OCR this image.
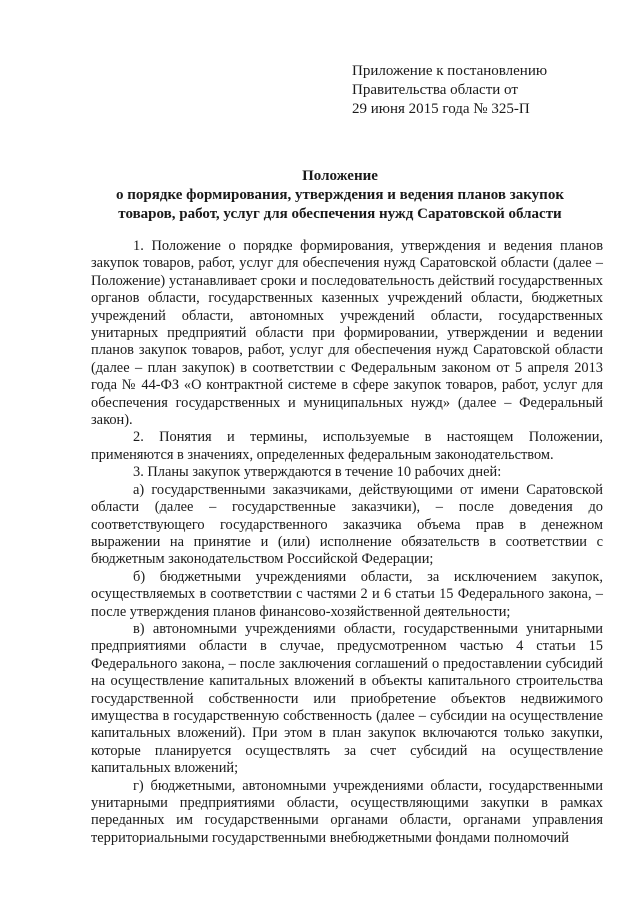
Приложение к постановлению
Правительства области от
29 июня 2015 года № 325-П
Положение
о порядке формирования, утверждения и ведения планов закупок
товаров, работ, услуг для обеспечения нужд Саратовской области

1. Положение о порядке формирования, утверждения и ведения планов закупок товаров, работ, услуг для обеспечения нужд Саратовской области (далее – Положение) устанавливает сроки и последовательность действий государственных органов области, государственных казенных учреждений области, бюджетных учреждений области, автономных учреждений области, государственных унитарных предприятий области при формировании, утверждении и ведении планов закупок товаров, работ, услуг для обеспечения нужд Саратовской области (далее – план закупок) в соответствии с Федеральным законом от 5 апреля 2013 года № 44-ФЗ «О контрактной системе в сфере закупок товаров, работ, услуг для обеспечения государственных и муниципальных нужд» (далее – Федеральный закон).

2. Понятия и термины, используемые в настоящем Положении, применяются в значениях, определенных федеральным законодательством.

3. Планы закупок утверждаются в течение 10 рабочих дней:

а) государственными заказчиками, действующими от имени Саратовской области (далее – государственные заказчики), – после доведения до соответствующего государственного заказчика объема прав в денежном выражении на принятие и (или) исполнение обязательств в соответствии с бюджетным законодательством Российской Федерации;

б) бюджетными учреждениями области, за исключением закупок, осуществляемых в соответствии с частями 2 и 6 статьи 15 Федерального закона, – после утверждения планов финансово-хозяйственной деятельности;

в) автономными учреждениями области, государственными унитарными предприятиями области в случае, предусмотренном частью 4 статьи 15 Федерального закона, – после заключения соглашений о предоставлении субсидий на осуществление капитальных вложений в объекты капитального строительства государственной собственности или приобретение объектов недвижимого имущества в государственную собственность (далее – субсидии на осуществление капитальных вложений). При этом в план закупок включаются только закупки, которые планируется осуществлять за счет субсидий на осуществление капитальных вложений;

г) бюджетными, автономными учреждениями области, государственными унитарными предприятиями области, осуществляющими закупки в рамках переданных им государственными органами области, органами управления территориальными государственными внебюджетными фондами полномочий
